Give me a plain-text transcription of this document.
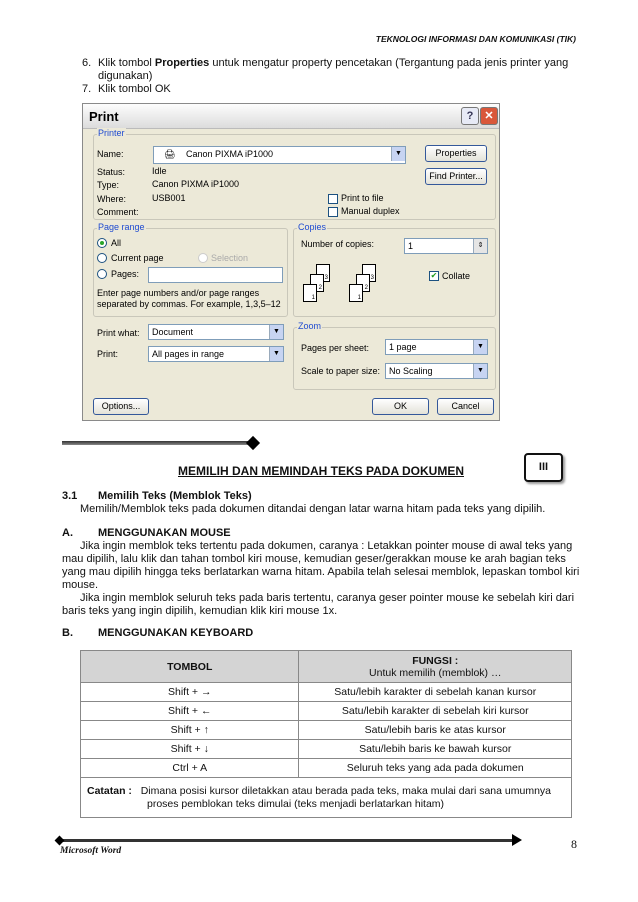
TEKNOLOGI INFORMASI DAN KOMUNIKASI (TIK)
6. Klik tombol Properties untuk mengatur property pencetakan (Tergantung pada jenis printer yang
digunakan)
7. Klik tombol OK
Print	?	✕
Printer
Name:	🖨 Canon PIXMA iP1000	▼
Status:	Idle
Type:	Canon PIXMA iP1000
Where:	USB001
Comment:
Properties
Find Printer...
Print to file
Manual duplex
Page range
All
Current page	Selection
Pages:
Enter page numbers and/or page ranges
separated by commas. For example, 1,3,5–12
Copies
Number of copies:	1	⇕
3
2
1
3
2
1
✔ Collate
Print what:	Document	▼
Print:	All pages in range	▼
Zoom
Pages per sheet:	1 page	▼
Scale to paper size: No Scaling	▼
Options...	OK	Cancel
MEMILIH DAN MEMINDAH TEKS PADA DOKUMEN	III
3.1 Memilih Teks (Memblok Teks)
Memilih/Memblok teks pada dokumen ditandai dengan latar warna hitam pada teks yang dipilih.
A. MENGGUNAKAN MOUSE
Jika ingin memblok teks tertentu pada dokumen, caranya : Letakkan pointer mouse di awal teks yang
mau dipilih, lalu klik dan tahan tombol kiri mouse, kemudian geser/gerakkan mouse ke arah bagian teks
yang mau dipilih hingga teks berlatarkan warna hitam. Apabila telah selesai memblok, lepaskan tombol kiri
mouse.
Jika ingin memblok seluruh teks pada baris tertentu, caranya geser pointer mouse ke sebelah kiri dari
baris teks yang ingin dipilih, kemudian klik kiri mouse 1x.
B. MENGGUNAKAN KEYBOARD
TOMBOL	FUNGSI :
Untuk memilih (memblok) …
Shift + →	Satu/lebih karakter di sebelah kanan kursor
Shift + ←	Satu/lebih karakter di sebelah kiri kursor
Shift + ↑	Satu/lebih baris ke atas kursor
Shift + ↓	Satu/lebih baris ke bawah kursor
Ctrl + A	Seluruh teks yang ada pada dokumen
Catatan : Dimana posisi kursor diletakkan atau berada pada teks, maka mulai dari sana umumnya
proses pemblokan teks dimulai (teks menjadi berlatarkan hitam)	
Microsoft Word	8
